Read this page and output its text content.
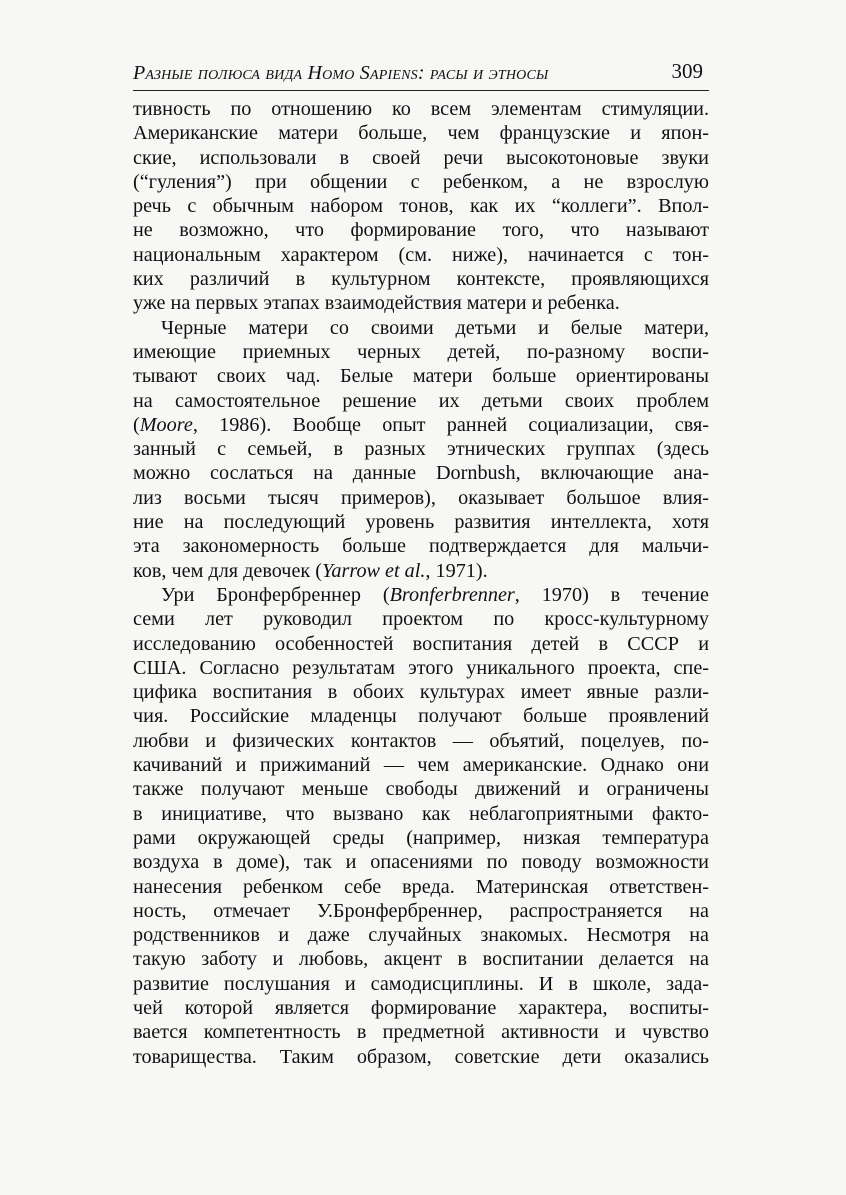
Разные полюса вида Homo Sapiens: расы и этносы	309
тивность по отношению ко всем элементам стимуляции.
Американские матери больше, чем французские и япон-
ские, использовали в своей речи высокотоновые звуки
(“гуления”) при общении с ребенком, а не взрослую
речь с обычным набором тонов, как их “коллеги”. Впол-
не возможно, что формирование того, что называют
национальным характером (см. ниже), начинается с тон-
ких различий в культурном контексте, проявляющихся
уже на первых этапах взаимодействия матери и ребенка.
Черные матери со своими детьми и белые матери,
имеющие приемных черных детей, по-разному воспи-
тывают своих чад. Белые матери больше ориентированы
на самостоятельное решение их детьми своих проблем
(Moore, 1986). Вообще опыт ранней социализации, свя-
занный с семьей, в разных этнических группах (здесь
можно сослаться на данные Dornbush, включающие ана-
лиз восьми тысяч примеров), оказывает большое влия-
ние на последующий уровень развития интеллекта, хотя
эта закономерность больше подтверждается для мальчи-
ков, чем для девочек (Yarrow et al., 1971).
Ури Бронфербреннер (Bronferbrenner, 1970) в течение
семи лет руководил проектом по кросс-культурному
исследованию особенностей воспитания детей в СССР и
США. Согласно результатам этого уникального проекта, спе-
цифика воспитания в обоих культурах имеет явные разли-
чия. Российские младенцы получают больше проявлений
любви и физических контактов — объятий, поцелуев, по-
качиваний и прижиманий — чем американские. Однако они
также получают меньше свободы движений и ограничены
в инициативе, что вызвано как неблагоприятными факто-
рами окружающей среды (например, низкая температура
воздуха в доме), так и опасениями по поводу возможности
нанесения ребенком себе вреда. Материнская ответствен-
ность, отмечает У.Бронфербреннер, распространяется на
родственников и даже случайных знакомых. Несмотря на
такую заботу и любовь, акцент в воспитании делается на
развитие послушания и самодисциплины. И в школе, зада-
чей которой является формирование характера, воспиты-
вается компетентность в предметной активности и чувство
товарищества. Таким образом, советские дети оказались
